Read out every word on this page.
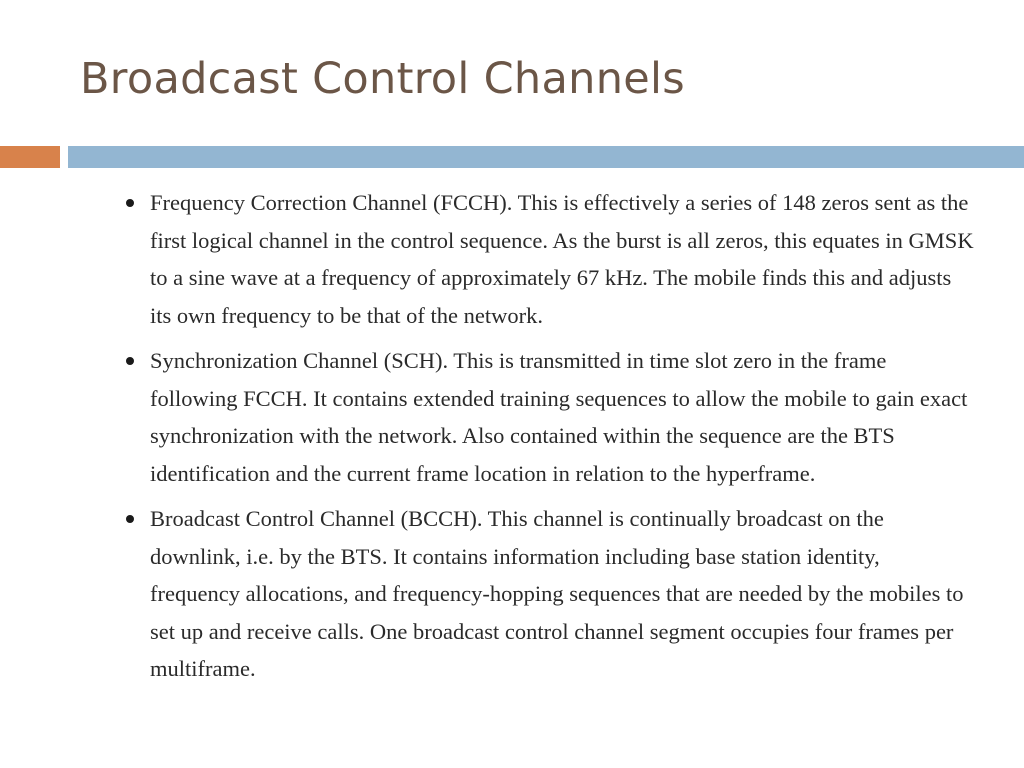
Broadcast Control Channels
Frequency Correction Channel (FCCH). This is effectively a series of 148 zeros sent as the first logical channel in the control sequence. As the burst is all zeros, this equates in GMSK to a sine wave at a frequency of approximately 67 kHz. The mobile finds this and adjusts its own frequency to be that of the network.
Synchronization Channel (SCH). This is transmitted in time slot zero in the frame following FCCH. It contains extended training sequences to allow the mobile to gain exact synchronization with the network. Also contained within the sequence are the BTS identification and the current frame location in relation to the hyperframe.
Broadcast Control Channel (BCCH). This channel is continually broadcast on the downlink, i.e. by the BTS. It contains information including base station identity, frequency allocations, and frequency-hopping sequences that are needed by the mobiles to set up and receive calls. One broadcast control channel segment occupies four frames per multiframe.
